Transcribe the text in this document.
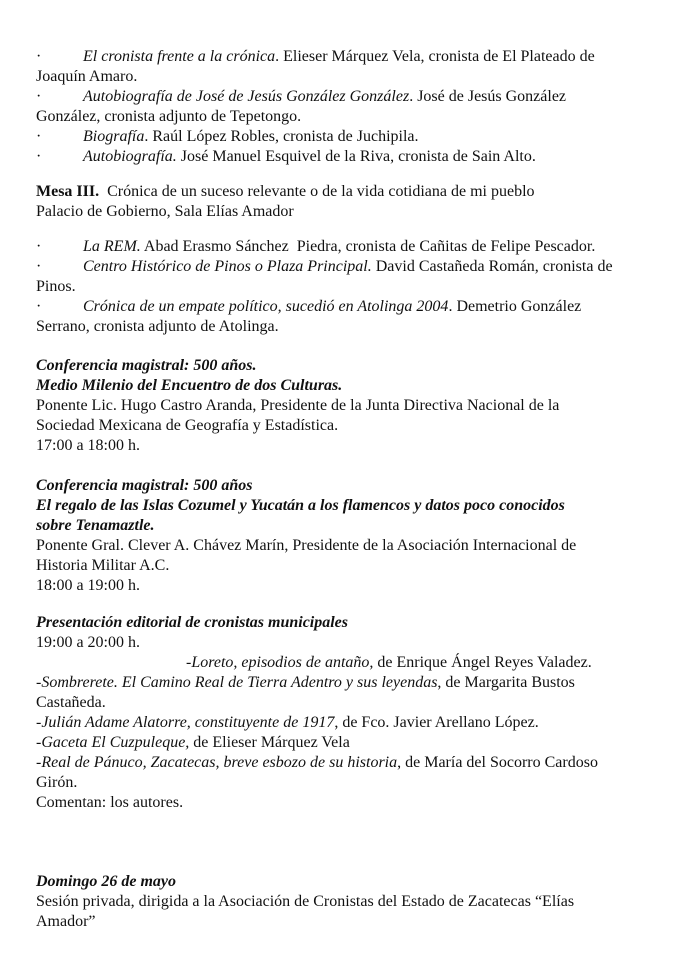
·	El cronista frente a la crónica. Elieser Márquez Vela, cronista de El Plateado de
Joaquín Amaro.
·	Autobiografía de José de Jesús González González. José de Jesús González
González, cronista adjunto de Tepetongo.
·	Biografía. Raúl López Robles, cronista de Juchipila.
·	Autobiografía. José Manuel Esquivel de la Riva, cronista de Sain Alto.
Mesa III.  Crónica de un suceso relevante o de la vida cotidiana de mi pueblo
Palacio de Gobierno, Sala Elías Amador
·	La REM. Abad Erasmo Sánchez  Piedra, cronista de Cañitas de Felipe Pescador.
·	Centro Histórico de Pinos o Plaza Principal. David Castañeda Román, cronista de
Pinos.
·	Crónica de un empate político, sucedió en Atolinga 2004. Demetrio González
Serrano, cronista adjunto de Atolinga.
Conferencia magistral: 500 años.
Medio Milenio del Encuentro de dos Culturas.
Ponente Lic. Hugo Castro Aranda, Presidente de la Junta Directiva Nacional de la
Sociedad Mexicana de Geografía y Estadística.
17:00 a 18:00 h.
Conferencia magistral: 500 años
El regalo de las Islas Cozumel y Yucatán a los flamencos y datos poco conocidos
sobre Tenamaztle.
Ponente Gral. Clever A. Chávez Marín, Presidente de la Asociación Internacional de
Historia Militar A.C.
18:00 a 19:00 h.
Presentación editorial de cronistas municipales
19:00 a 20:00 h.
-Loreto, episodios de antaño, de Enrique Ángel Reyes Valadez.
-Sombrerete. El Camino Real de Tierra Adentro y sus leyendas, de Margarita Bustos
Castañeda.
-Julián Adame Alatorre, constituyente de 1917, de Fco. Javier Arellano López.
-Gaceta El Cuzpuleque, de Elieser Márquez Vela
-Real de Pánuco, Zacatecas, breve esbozo de su historia, de María del Socorro Cardoso
Girón.
Comentan: los autores.
Domingo 26 de mayo
Sesión privada, dirigida a la Asociación de Cronistas del Estado de Zacatecas “Elías
Amador”
